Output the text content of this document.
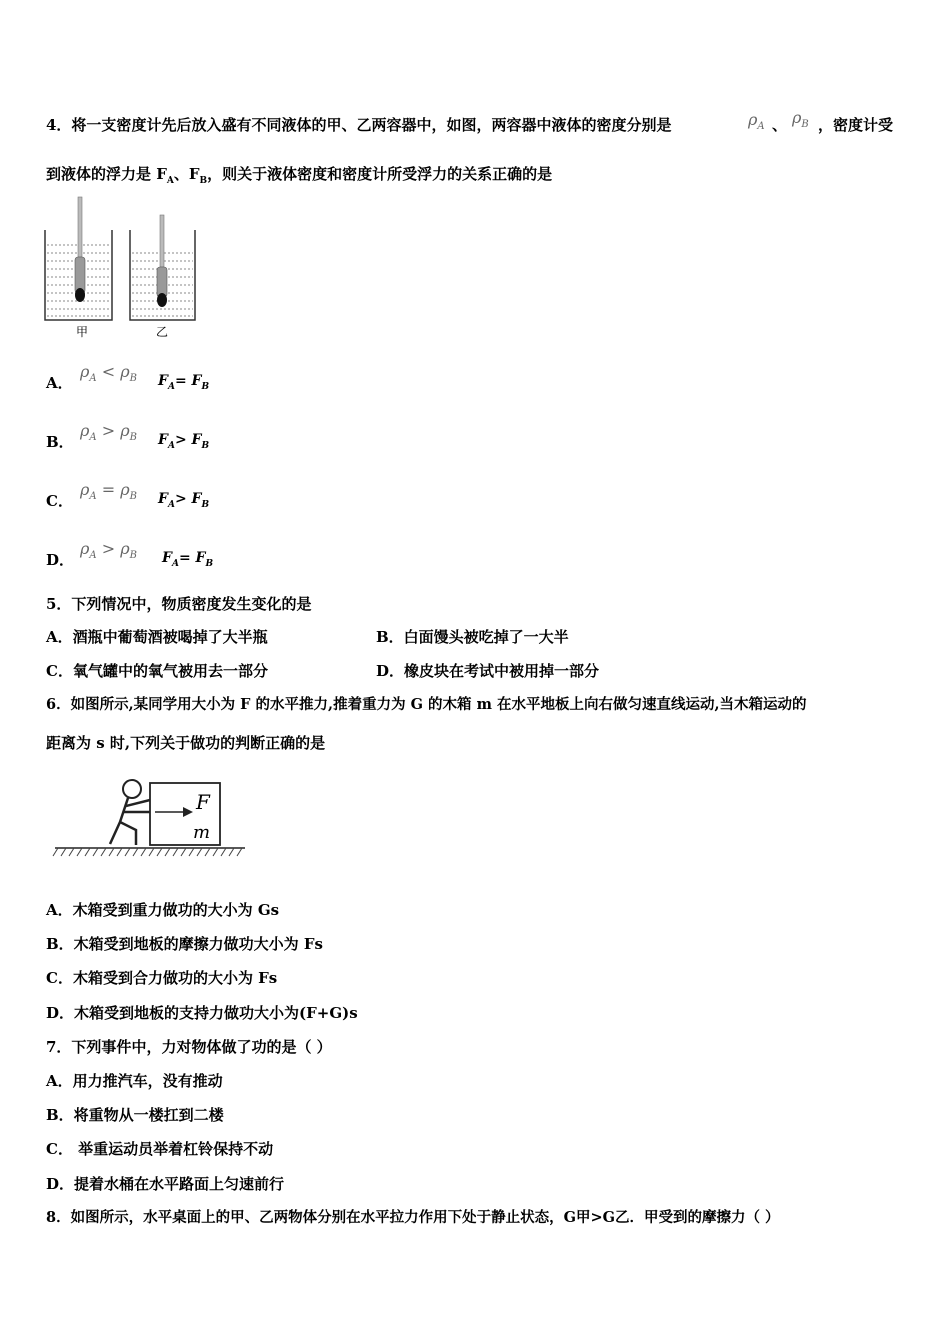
4．将一支密度计先后放入盛有不同液体的甲、乙两容器中，如图，两容器中液体的密度分别是	$\rho_A$ 、 $\rho_B$ ，密度计受
到液体的浮力是 $F_A$、$F_B$，则关于液体密度和密度计所受浮力的关系正确的是
甲	乙
A．
$\rho_A < \rho_B$ $F_A= F_B$
B．
$\rho_A > \rho_B$ $F_A> F_B$
C．
$\rho_A = \rho_B$ $F_A> F_B$
D．
$\rho_A > \rho_B$ $F_A= F_B$
5．下列情况中，物质密度发生变化的是
A．酒瓶中葡萄酒被喝掉了大半瓶	B．白面馒头被吃掉了一大半
C．氧气罐中的氧气被用去一部分	D．橡皮块在考试中被用掉一部分
6．如图所示,某同学用大小为 F 的水平推力,推着重力为 G 的木箱 m 在水平地板上向右做匀速直线运动,当木箱运动的
距离为 s 时,下列关于做功的判断正确的是
F
m
A．木箱受到重力做功的大小为 Gs
B．木箱受到地板的摩擦力做功大小为 Fs
C．木箱受到合力做功的大小为 Fs
D．木箱受到地板的支持力做功大小为(F+G)s
7．下列事件中，力对物体做了功的是（ ）
A．用力推汽车，没有推动
B．将重物从一楼扛到二楼
C． 举重运动员举着杠铃保持不动
D．提着水桶在水平路面上匀速前行
8．如图所示，水平桌面上的甲、乙两物体分别在水平拉力作用下处于静止状态，G甲>G乙．甲受到的摩擦力（ ）
